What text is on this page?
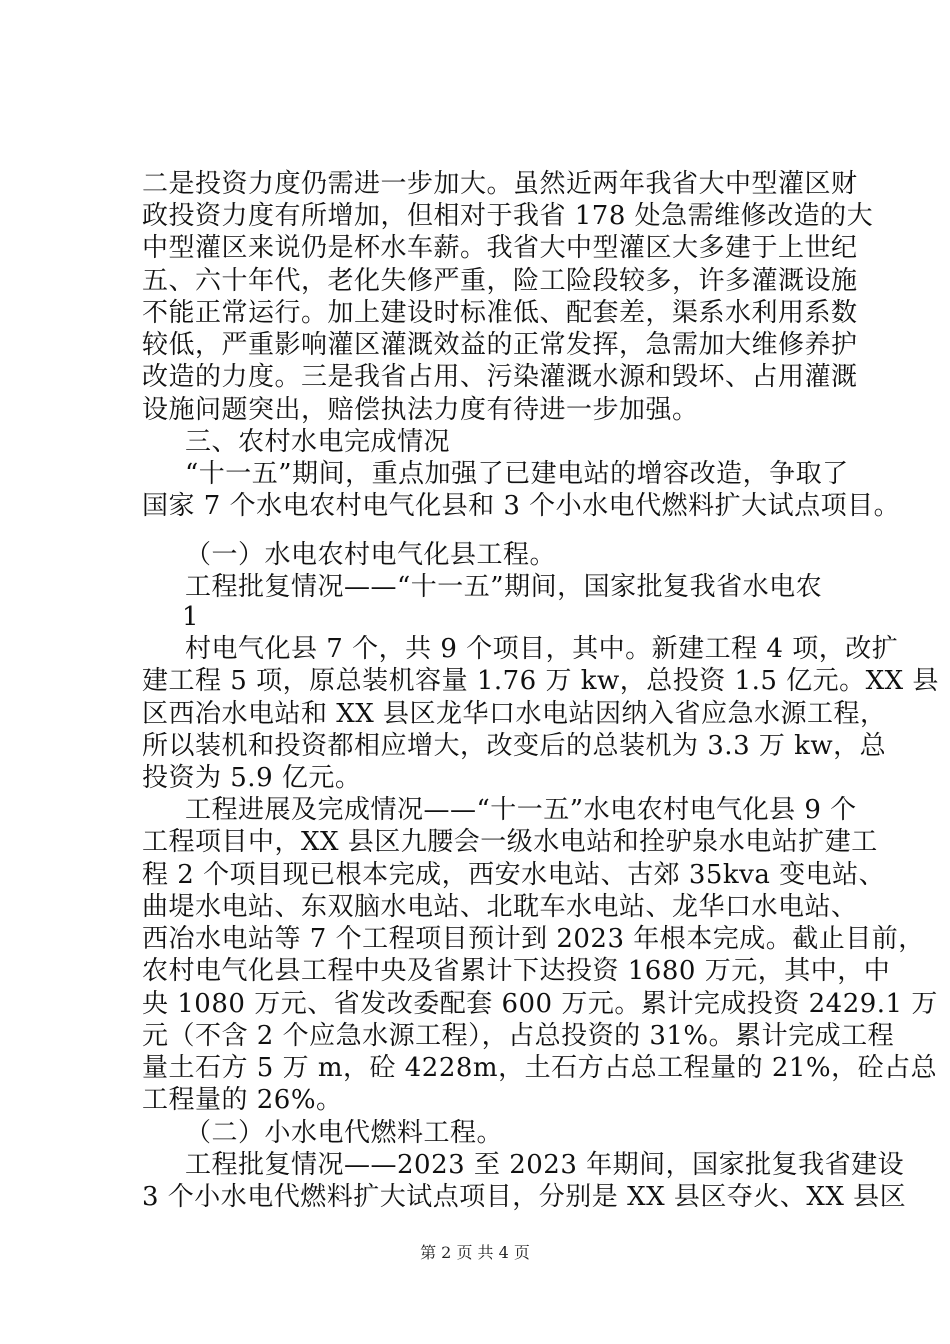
二是投资力度仍需进一步加大。虽然近两年我省大中型灌区财
政投资力度有所增加，但相对于我省 178 处急需维修改造的大
中型灌区来说仍是杯水车薪。我省大中型灌区大多建于上世纪
五、六十年代，老化失修严重，险工险段较多，许多灌溉设施
不能正常运行。加上建设时标准低、配套差，渠系水利用系数
较低，严重影响灌区灌溉效益的正常发挥，急需加大维修养护
改造的力度。三是我省占用、污染灌溉水源和毁坏、占用灌溉
设施问题突出，赔偿执法力度有待进一步加强。
三、农村水电完成情况
“十一五”期间，重点加强了已建电站的增容改造，争取了
国家 7 个水电农村电气化县和 3 个小水电代燃料扩大试点项目。
（一）水电农村电气化县工程。
工程批复情况——“十一五”期间，国家批复我省水电农
1
村电气化县 7 个，共 9 个项目，其中。新建工程 4 项，改扩
建工程 5 项，原总装机容量 1.76 万 kw，总投资 1.5 亿元。XX 县
区西冶水电站和 XX 县区龙华口水电站因纳入省应急水源工程，
所以装机和投资都相应增大，改变后的总装机为 3.3 万 kw，总
投资为 5.9 亿元。
工程进展及完成情况——“十一五”水电农村电气化县 9 个
工程项目中，XX 县区九腰会一级水电站和拴驴泉水电站扩建工
程 2 个项目现已根本完成，西安水电站、古郊 35kva 变电站、
曲堤水电站、东双脑水电站、北耽车水电站、龙华口水电站、
西冶水电站等 7 个工程项目预计到 2023 年根本完成。截止目前，
农村电气化县工程中央及省累计下达投资 1680 万元，其中，中
央 1080 万元、省发改委配套 600 万元。累计完成投资 2429.1 万
元（不含 2 个应急水源工程），占总投资的 31%。累计完成工程
量土石方 5 万 m，砼 4228m，土石方占总工程量的 21%，砼占总
工程量的 26%。
（二）小水电代燃料工程。
工程批复情况——2023 至 2023 年期间，国家批复我省建设
3 个小水电代燃料扩大试点项目，分别是 XX 县区夺火、XX 县区
第 2 页 共 4 页
